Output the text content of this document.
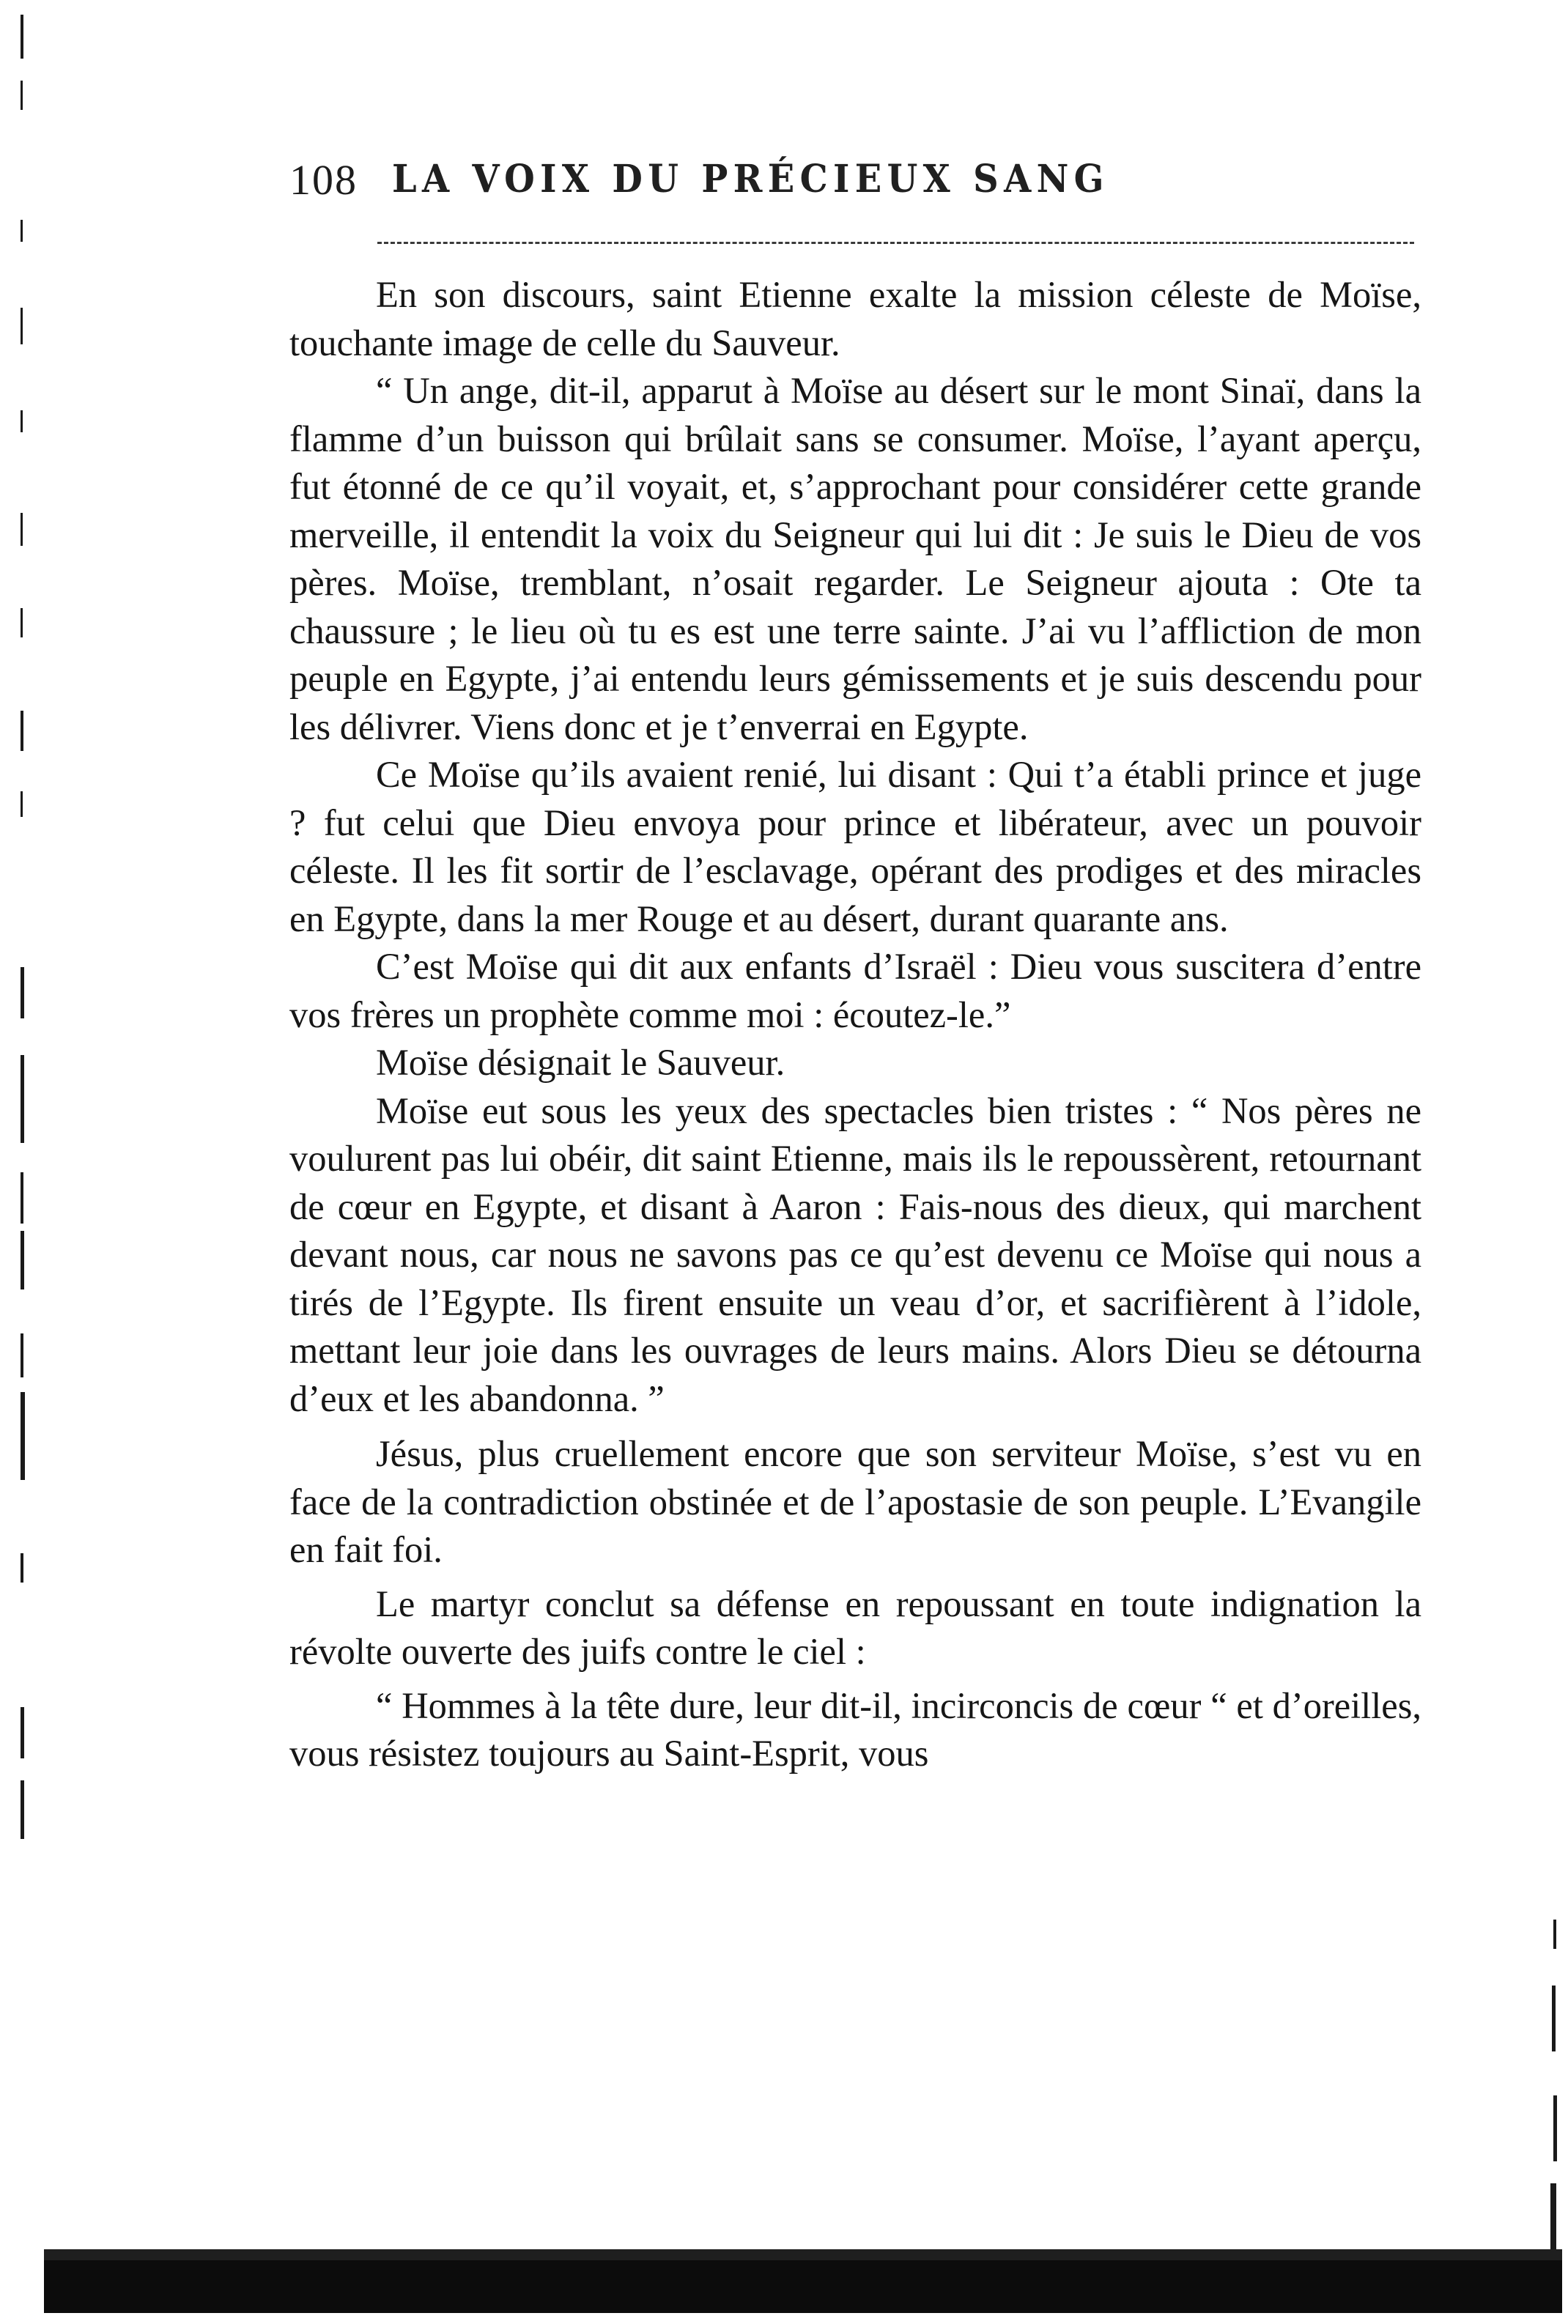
108 LA VOIX DU PRÉCIEUX SANG

En son discours, saint Etienne exalte la mission céleste de Moïse, touchante image de celle du Sauveur.

“ Un ange, dit-il, apparut à Moïse au désert sur le mont Sinaï, dans la flamme d’un buisson qui brûlait sans se consumer. Moïse, l’ayant aperçu, fut étonné de ce qu’il voyait, et, s’approchant pour considérer cette grande merveille, il entendit la voix du Seigneur qui lui dit : Je suis le Dieu de vos pères. Moïse, tremblant, n’osait regarder. Le Seigneur ajouta : Ote ta chaussure ; le lieu où tu es est une terre sainte. J’ai vu l’affliction de mon peuple en Egypte, j’ai entendu leurs gémissements et je suis descendu pour les délivrer. Viens donc et je t’enverrai en Egypte.

Ce Moïse qu’ils avaient renié, lui disant : Qui t’a établi prince et juge ? fut celui que Dieu envoya pour prince et libérateur, avec un pouvoir céleste. Il les fit sortir de l’esclavage, opérant des prodiges et des miracles en Egypte, dans la mer Rouge et au désert, durant quarante ans.

C’est Moïse qui dit aux enfants d’Israël : Dieu vous suscitera d’entre vos frères un prophète comme moi : écoutez-le.”

Moïse désignait le Sauveur.

Moïse eut sous les yeux des spectacles bien tristes : “ Nos pères ne voulurent pas lui obéir, dit saint Etienne, mais ils le repoussèrent, retournant de cœur en Egypte, et disant à Aaron : Fais-nous des dieux, qui marchent devant nous, car nous ne savons pas ce qu’est devenu ce Moïse qui nous a tirés de l’Egypte. Ils firent ensuite un veau d’or, et sacrifièrent à l’idole, mettant leur joie dans les ouvrages de leurs mains. Alors Dieu se détourna d’eux et les abandonna. ”

Jésus, plus cruellement encore que son serviteur Moïse, s’est vu en face de la contradiction obstinée et de l’apostasie de son peuple. L’Evangile en fait foi.

Le martyr conclut sa défense en repoussant en toute indignation la révolte ouverte des juifs contre le ciel :

“ Hommes à la tête dure, leur dit-il, incirconcis de cœur “ et d’oreilles, vous résistez toujours au Saint-Esprit, vous
